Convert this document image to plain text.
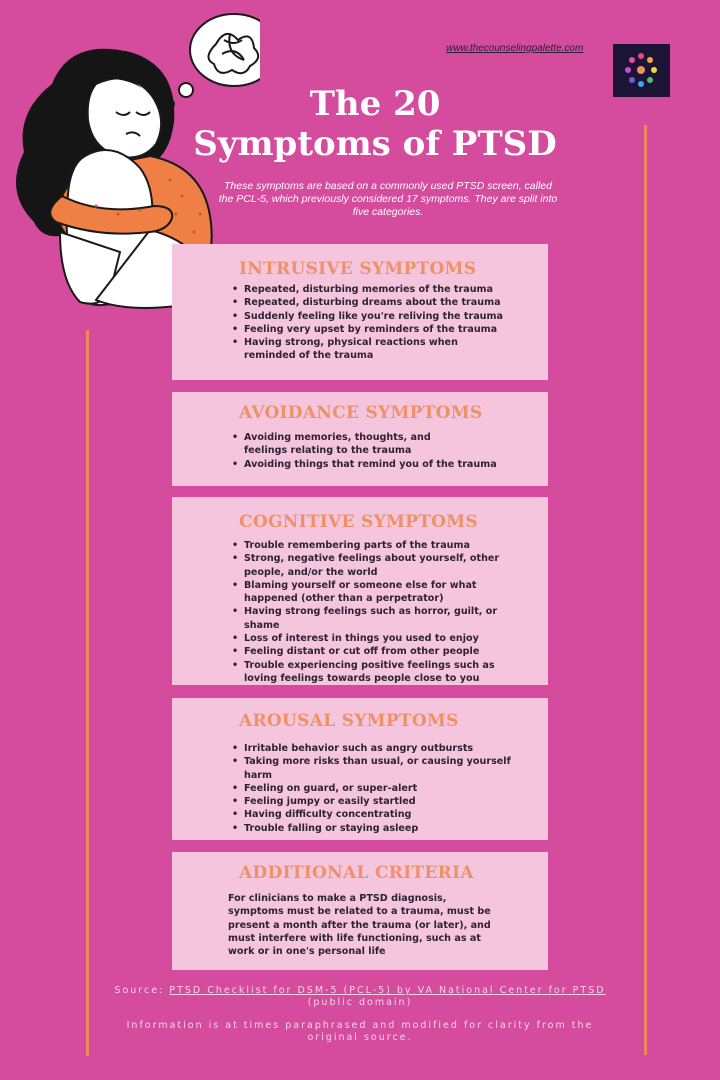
www.thecounselingpalette.com
The 20
Symptoms of PTSD
These symptoms are based on a commonly used PTSD screen, called the PCL-5, which previously considered 17 symptoms. They are split into five categories.
INTRUSIVE SYMPTOMS
• Repeated, disturbing memories of the trauma
• Repeated, disturbing dreams about the trauma
• Suddenly feeling like you're reliving the trauma
• Feeling very upset by reminders of the trauma
• Having strong, physical reactions when reminded of the trauma
AVOIDANCE SYMPTOMS
• Avoiding memories, thoughts, and feelings relating to the trauma
• Avoiding things that remind you of the trauma
COGNITIVE SYMPTOMS
• Trouble remembering parts of the trauma
• Strong, negative feelings about yourself, other people, and/or the world
• Blaming yourself or someone else for what happened (other than a perpetrator)
• Having strong feelings such as horror, guilt, or shame
• Loss of interest in things you used to enjoy
• Feeling distant or cut off from other people
• Trouble experiencing positive feelings such as loving feelings towards people close to you
AROUSAL SYMPTOMS
• Irritable behavior such as angry outbursts
• Taking more risks than usual, or causing yourself harm
• Feeling on guard, or super-alert
• Feeling jumpy or easily startled
• Having difficulty concentrating
• Trouble falling or staying asleep
ADDITIONAL CRITERIA

For clinicians to make a PTSD diagnosis, symptoms must be related to a trauma, must be present a month after the trauma (or later), and must interfere with life functioning, such as at work or in one's personal life

Source: PTSD Checklist for DSM-5 (PCL-5) by VA National Center for PTSD (public domain)
Information is at times paraphrased and modified for clarity from the original source.
